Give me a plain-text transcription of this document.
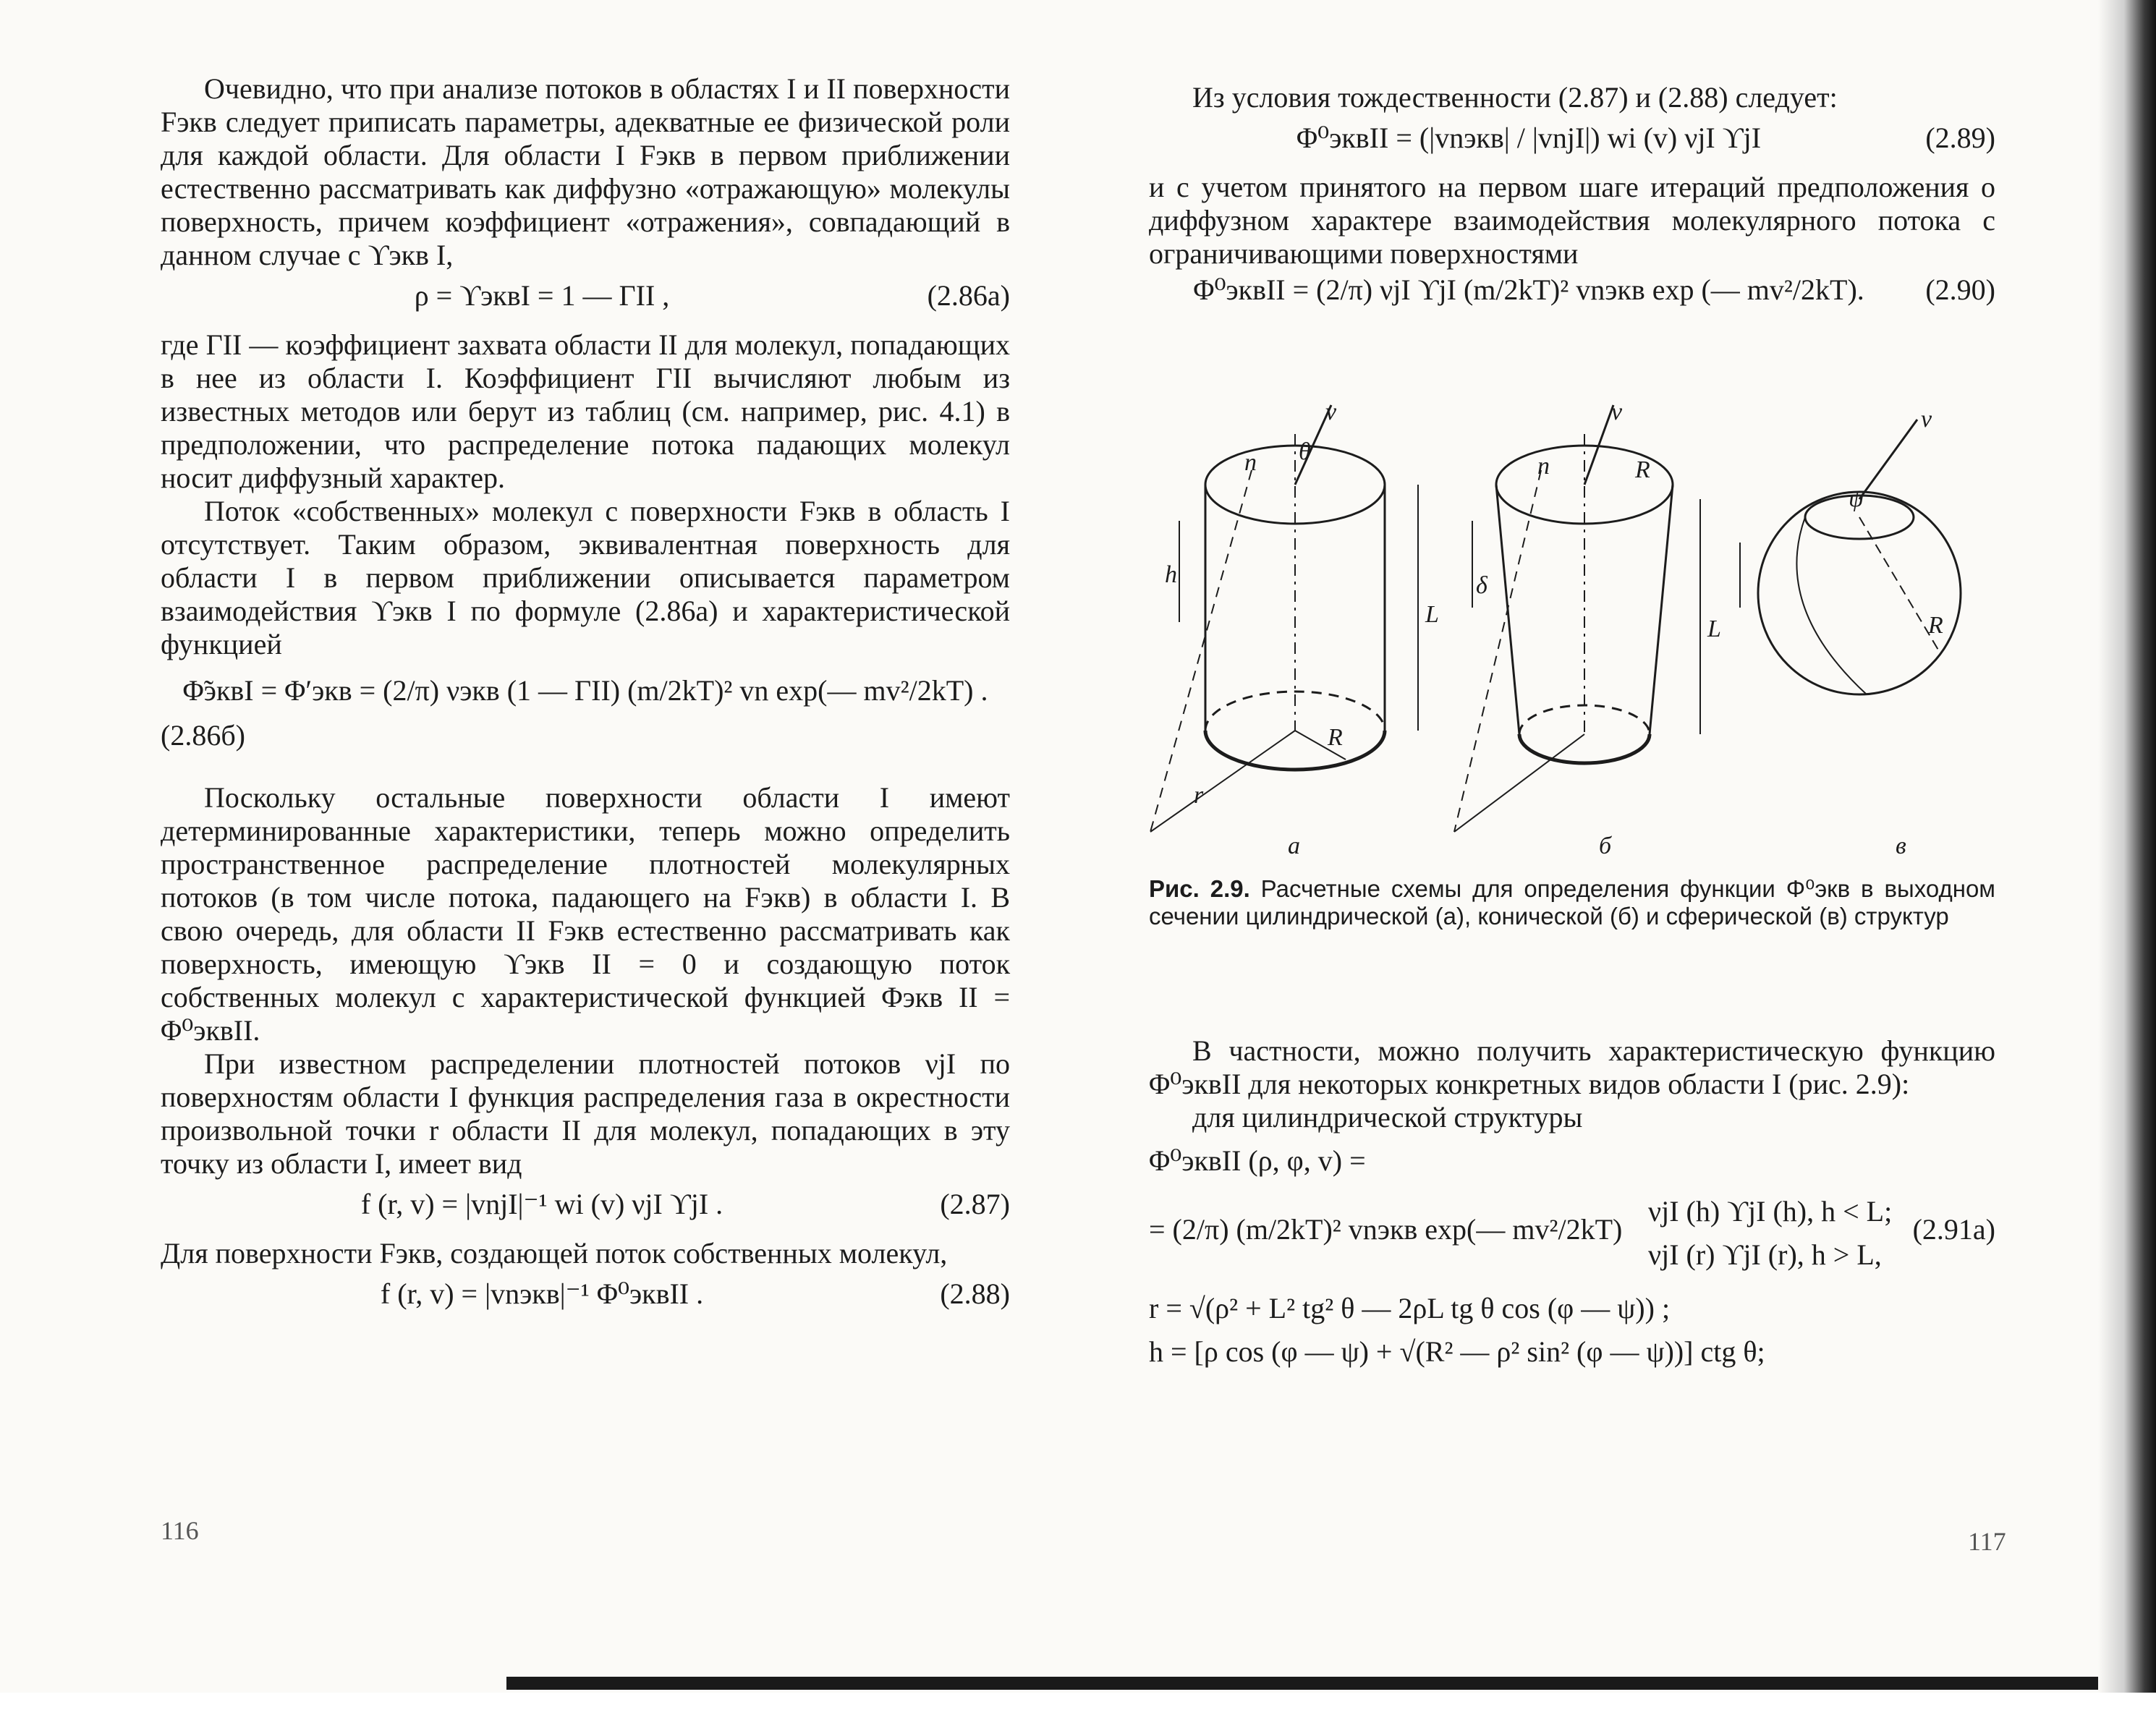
Очевидно, что при анализе потоков в областях I и II поверхности Fэкв следует приписать параметры, адекватные ее физической роли для каждой области. Для области I Fэкв в первом приближении естественно рассматривать как диффузно «отражающую» молекулы поверхность, причем коэффициент «отражения», совпадающий в данном случае с ϒэкв I,

ρ = ϒэквI = 1 — ΓII ,	(2.86а)

где ΓII — коэффициент захвата области II для молекул, попадающих в нее из области I. Коэффициент ΓII вычисляют любым из известных методов или берут из таблиц (см. например, рис. 4.1) в предположении, что распределение потока падающих молекул носит диффузный характер.

Поток «собственных» молекул с поверхности Fэкв в область I отсутствует. Таким образом, эквивалентная поверхность для области I в первом приближении описывается параметром взаимодействия ϒэкв I по формуле (2.86а) и характеристической функцией

Φ̃эквI = Φ′экв = (2/π) νэкв (1 — ΓII) (m/2kT)² vn exp(— mv²/2kT) .

(2.86б)

Поскольку остальные поверхности области I имеют детерминированные характеристики, теперь можно определить пространственное распределение плотностей молекулярных потоков (в том числе потока, падающего на Fэкв) в области I. В свою очередь, для области II Fэкв естественно рассматривать как поверхность, имеющую ϒэкв II = 0 и создающую поток собственных молекул с характеристической функцией Φэкв II = Φ⁰эквII.

При известном распределении плотностей потоков νjI по поверхностям области I функция распределения газа в окрестности произвольной точки r области II для молекул, попадающих в эту точку из области I, имеет вид

f (r, v) = |vnjI|⁻¹ wi (v) νjI ϒjI .	(2.87)

Для поверхности Fэкв, создающей поток собственных молекул,

f (r, v) = |vnэкв|⁻¹ Φ⁰эквII .	(2.88)
116

Из условия тождественности (2.87) и (2.88) следует:

Φ⁰эквII = (|vnэкв| / |vnjI|) wi (v) νjI ϒjI	(2.89)

и с учетом принятого на первом шаге итераций предположения о диффузном характере взаимодействия молекулярного потока с ограничивающими поверхностями

Φ⁰эквII = (2/π) νjI ϒjI (m/2kT)² vnэкв exp (— mv²/2kT).	(2.90)
v
n θ
h
L
R
r
а
v
n	R
δ
L
б
v
ψ
R
в
Рис. 2.9. Расчетные схемы для определения функции Φ⁰экв в выходном сечении цилиндрической (а), конической (б) и сферической (в) структур

В частности, можно получить характеристическую функцию Φ⁰эквII для некоторых конкретных видов области I (рис. 2.9):

для цилиндрической структуры

Φ⁰эквII (ρ, φ, v) =

= (2/π) (m/2kT)² vnэкв exp(— mv²/2kT)
νjI (h) ϒjI (h), h < L;
νjI (r) ϒjI (r), h > L,
(2.91а)

r = √(ρ² + L² tg² θ — 2ρL tg θ cos (φ — ψ)) ;

h = [ρ cos (φ — ψ) + √(R² — ρ² sin² (φ — ψ))] ctg θ;

117
